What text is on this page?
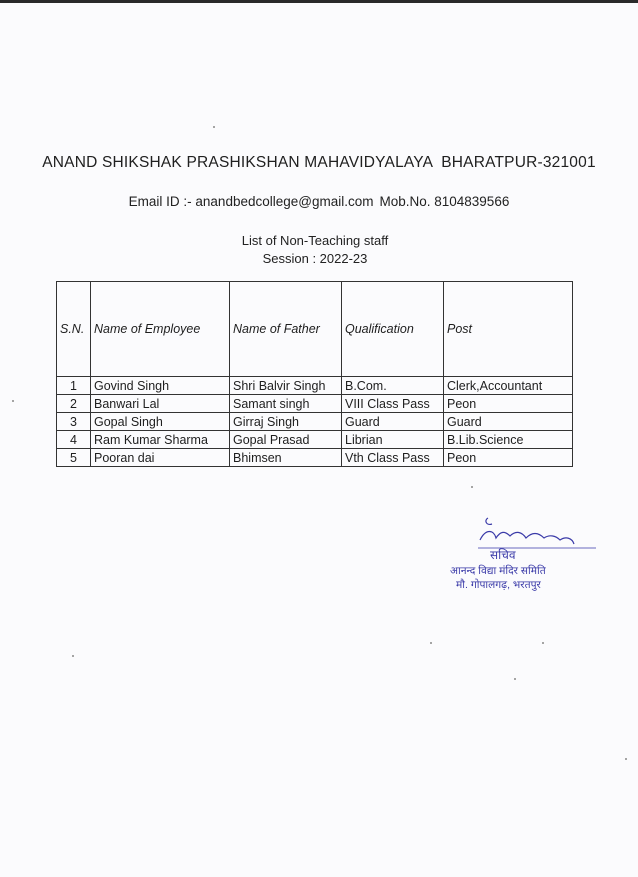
ANAND SHIKSHAK PRASHIKSHAN MAHAVIDYALAYA BHARATPUR-321001
Email ID :- anandbedcollege@gmail.com Mob.No. 8104839566
List of Non-Teaching staff
Session : 2022-23
S.N.	Name of Employee	Name of Father	Qualification	Post
1	Govind Singh	Shri Balvir Singh	B.Com.	Clerk,Accountant
2	Banwari Lal	Samant singh	VIII Class Pass	Peon
3	Gopal Singh	Girraj Singh	Guard	Guard
4	Ram Kumar Sharma	Gopal Prasad	Librian	B.Lib.Science
5	Pooran dai	Bhimsen	Vth Class Pass	Peon
सचिव
आनन्द विद्या मंदिर समिति
मौ. गोपालगढ़, भरतपुर
